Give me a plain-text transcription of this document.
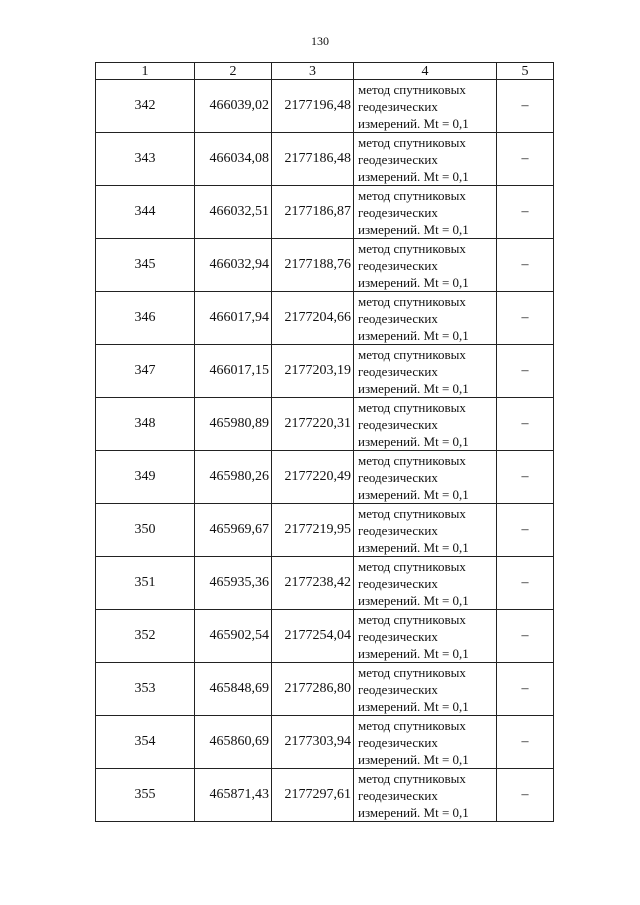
130
1	2	3	4	5
342	466039,02	2177196,48	метод спутниковых
геодезических
измерений. Mt = 0,1	–
343	466034,08	2177186,48	метод спутниковых
геодезических
измерений. Mt = 0,1	–
344	466032,51	2177186,87	метод спутниковых
геодезических
измерений. Mt = 0,1	–
345	466032,94	2177188,76	метод спутниковых
геодезических
измерений. Mt = 0,1	–
346	466017,94	2177204,66	метод спутниковых
геодезических
измерений. Mt = 0,1	–
347	466017,15	2177203,19	метод спутниковых
геодезических
измерений. Mt = 0,1	–
348	465980,89	2177220,31	метод спутниковых
геодезических
измерений. Mt = 0,1	–
349	465980,26	2177220,49	метод спутниковых
геодезических
измерений. Mt = 0,1	–
350	465969,67	2177219,95	метод спутниковых
геодезических
измерений. Mt = 0,1	–
351	465935,36	2177238,42	метод спутниковых
геодезических
измерений. Mt = 0,1	–
352	465902,54	2177254,04	метод спутниковых
геодезических
измерений. Mt = 0,1	–
353	465848,69	2177286,80	метод спутниковых
геодезических
измерений. Mt = 0,1	–
354	465860,69	2177303,94	метод спутниковых
геодезических
измерений. Mt = 0,1	–
355	465871,43	2177297,61	метод спутниковых
геодезических
измерений. Mt = 0,1	–
